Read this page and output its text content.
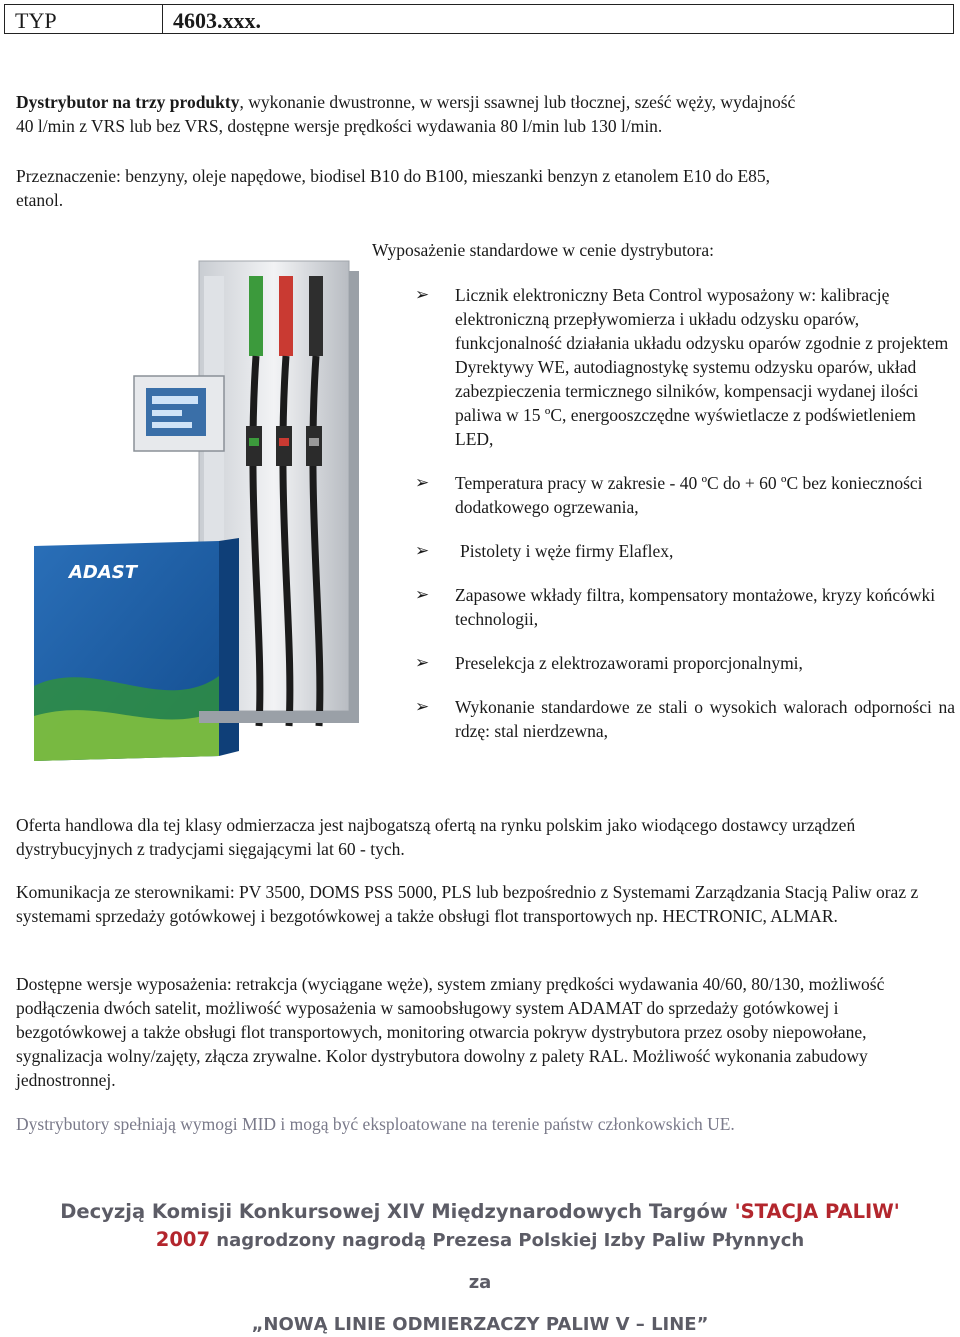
TYP	4603.xxx.

Dystrybutor na trzy produkty, wykonanie dwustronne, w wersji ssawnej lub tłocznej, sześć węży, wydajność
40 l/min z VRS lub bez VRS, dostępne wersje prędkości wydawania 80 l/min lub 130 l/min.

Przeznaczenie: benzyny, oleje napędowe, biodisel B10 do B100, mieszanki benzyn z etanolem E10 do E85,
etanol.

ADAST
Wyposażenie standardowe w cenie dystrybutora:
➢	Licznik elektroniczny Beta Control wyposażony w: kalibrację elektroniczną przepływomierza i układu odzysku oparów, funkcjonalność działania układu odzysku oparów zgodnie z projektem Dyrektywy WE, autodiagnostykę systemu odzysku oparów, układ zabezpieczenia termicznego silników, kompensacji wydanej ilości paliwa w 15 ºC, energooszczędne wyświetlacze z podświetleniem LED,
➢	Temperatura pracy w zakresie - 40 ºC do + 60 ºC bez konieczności dodatkowego ogrzewania,
➢	Pistolety i węże firmy Elaflex,
➢	Zapasowe wkłady filtra, kompensatory montażowe, kryzy końcówki technologii,
➢	Preselekcja z elektrozaworami proporcjonalnymi,
➢	Wykonanie standardowe ze stali o wysokich walorach odporności na rdzę: stal nierdzewna,

Oferta handlowa dla tej klasy odmierzacza jest najbogatszą ofertą na rynku polskim jako wiodącego dostawcy urządzeń dystrybucyjnych z tradycjami sięgającymi lat 60 - tych.

Komunikacja ze sterownikami: PV 3500, DOMS PSS 5000, PLS lub bezpośrednio z Systemami Zarządzania Stacją Paliw oraz z systemami sprzedaży gotówkowej i bezgotówkowej a także obsługi flot transportowych np. HECTRONIC, ALMAR.

Dostępne wersje wyposażenia: retrakcja (wyciągane węże), system zmiany prędkości wydawania 40/60, 80/130, możliwość podłączenia dwóch satelit, możliwość wyposażenia w samoobsługowy system ADAMAT do sprzedaży gotówkowej i bezgotówkowej a także obsługi flot transportowych, monitoring otwarcia pokryw dystrybutora przez osoby niepowołane, sygnalizacja wolny/zajęty, złącza zrywalne. Kolor dystrybutora dowolny z palety RAL. Możliwość wykonania zabudowy jednostronnej.

Dystrybutory spełniają wymogi MID i mogą być eksploatowane na terenie państw członkowskich UE.

Decyzją Komisji Konkursowej XIV Międzynarodowych Targów 'STACJA PALIW'
2007 nagrodzony nagrodą Prezesa Polskiej Izby Paliw Płynnych
za
„NOWĄ LINIE ODMIERZACZY PALIW V – LINE”
